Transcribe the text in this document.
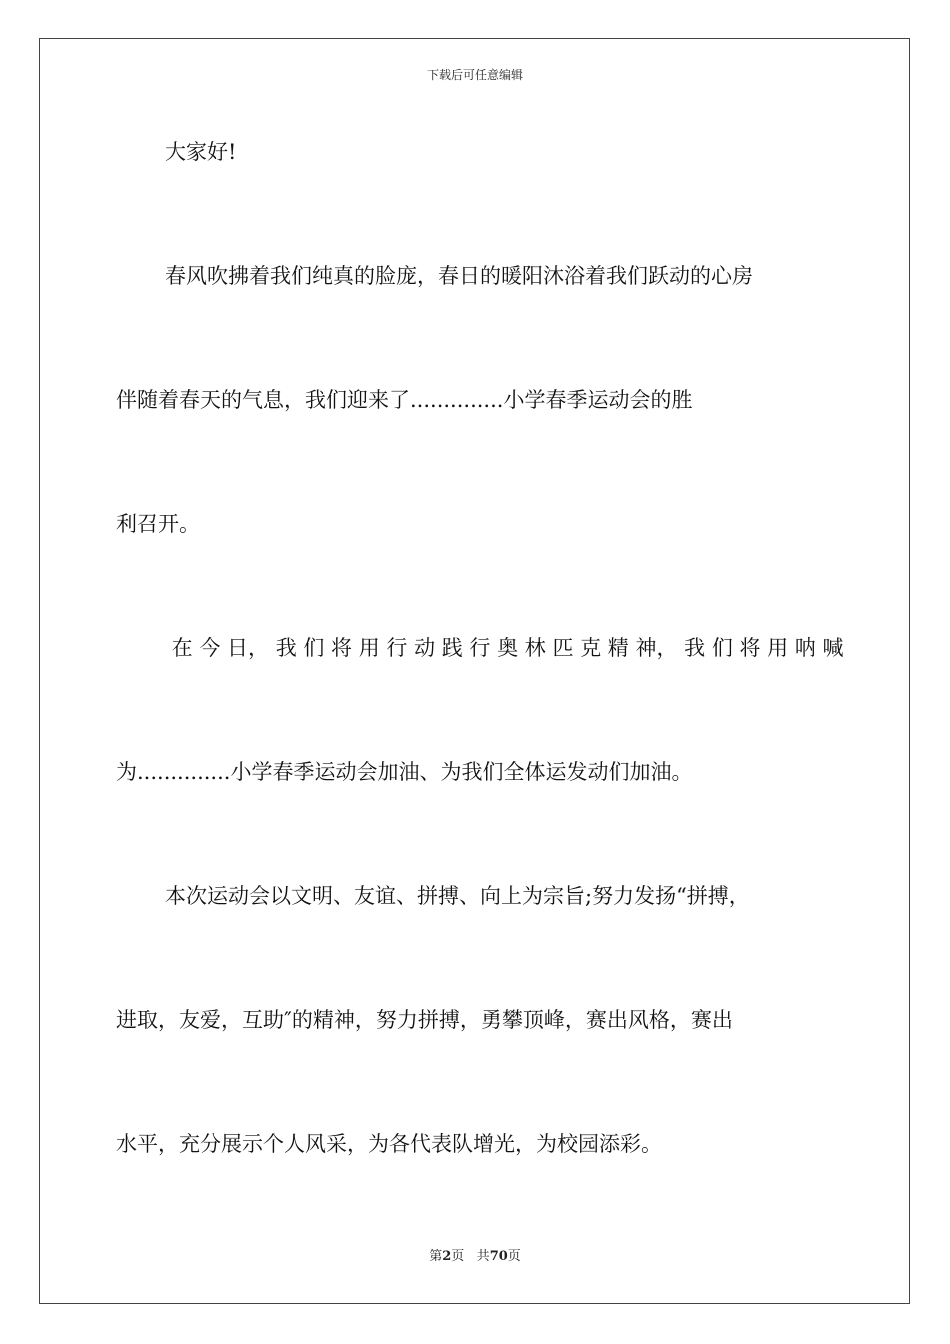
下载后可任意编辑
大家好!
春风吹拂着我们纯真的脸庞，春日的暖阳沐浴着我们跃动的心房
伴随着春天的气息，我们迎来了..............小学春季运动会的胜
利召开。
在 今 日， 我 们 将 用 行 动 践 行 奥 林 匹 克 精 神， 我 们 将 用 呐 喊
为..............小学春季运动会加油、为我们全体运发动们加油。
本次运动会以文明、友谊、拼搏、向上为宗旨;努力发扬“拼搏，
进取，友爱，互助″的精神，努力拼搏，勇攀顶峰，赛出风格，赛出
水平，充分展示个人风采，为各代表队增光，为校园添彩。
第2页 共70页
